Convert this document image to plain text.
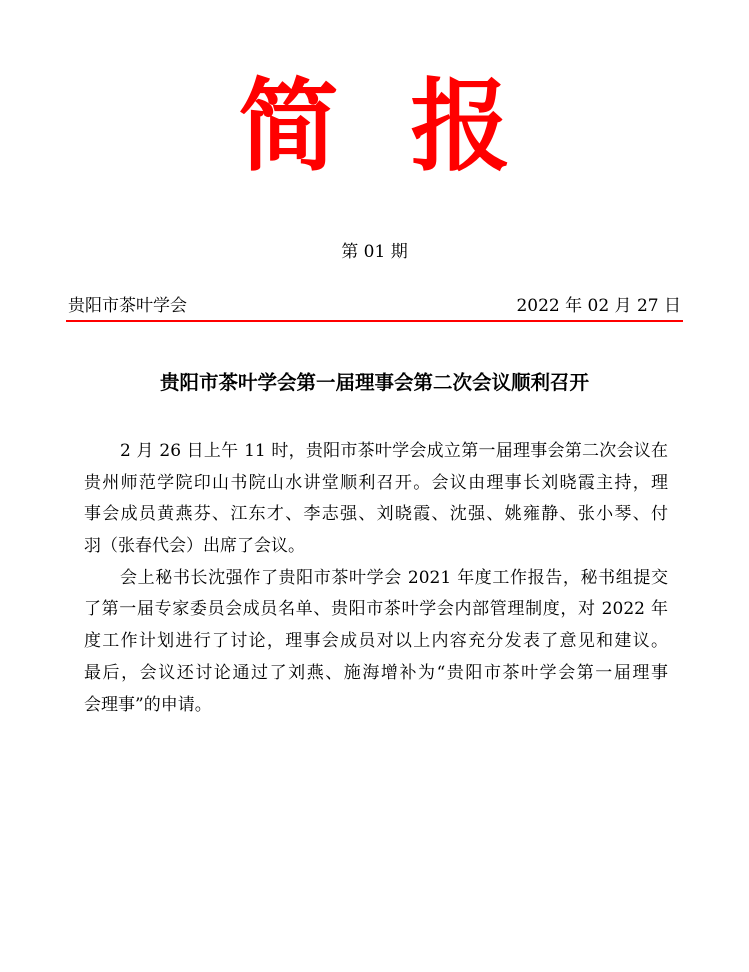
简报
第 01 期
贵阳市茶叶学会	2022 年 02 月 27 日
贵阳市茶叶学会第一届理事会第二次会议顺利召开
2 月 26 日上午 11 时，贵阳市茶叶学会成立第一届理事会第二次会议在
贵州师范学院印山书院山水讲堂顺利召开。会议由理事长刘晓霞主持，理
事会成员黄燕芬、江东才、李志强、刘晓霞、沈强、姚雍静、张小琴、付
羽（张春代会）出席了会议。
会上秘书长沈强作了贵阳市茶叶学会 2021 年度工作报告，秘书组提交
了第一届专家委员会成员名单、贵阳市茶叶学会内部管理制度，对 2022 年
度工作计划进行了讨论，理事会成员对以上内容充分发表了意见和建议。
最后，会议还讨论通过了刘燕、施海增补为“贵阳市茶叶学会第一届理事
会理事”的申请。
